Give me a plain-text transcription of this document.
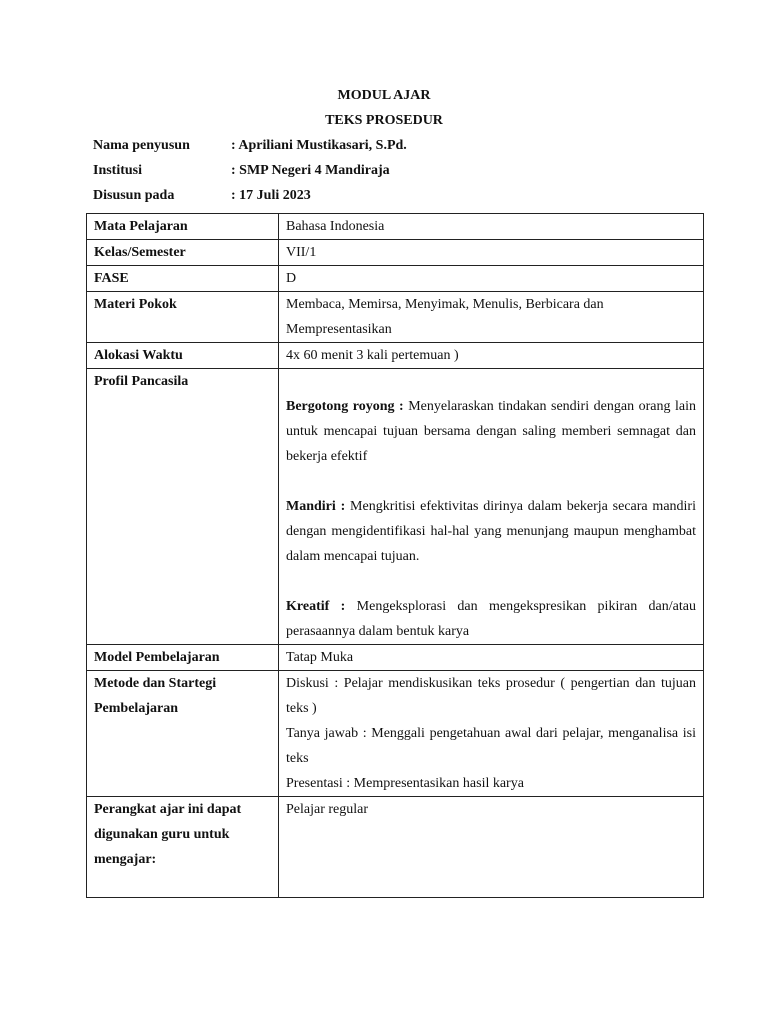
MODUL AJAR
TEKS PROSEDUR
Nama penyusun	: Apriliani Mustikasari, S.Pd.
Institusi	: SMP Negeri 4 Mandiraja
Disusun pada	: 17 Juli 2023
Mata Pelajaran	Bahasa Indonesia
Kelas/Semester	VII/1
FASE	D
Materi Pokok	Membaca, Memirsa, Menyimak, Menulis, Berbicara dan Mempresentasikan
Alokasi Waktu	4x 60 menit 3 kali pertemuan )
Profil Pancasila	Bergotong royong : Menyelaraskan tindakan sendiri dengan orang lain untuk mencapai tujuan bersama dengan saling memberi semnagat dan bekerja efektif
Mandiri : Mengkritisi efektivitas dirinya dalam bekerja secara mandiri dengan mengidentifikasi hal-hal yang menunjang maupun menghambat dalam mencapai tujuan.
Kreatif : Mengeksplorasi dan mengekspresikan pikiran dan/atau perasaannya dalam bentuk karya

Model Pembelajaran	Tatap Muka
Metode dan Startegi Pembelajaran	Diskusi : Pelajar mendiskusikan teks prosedur ( pengertian dan tujuan teks )
Tanya jawab : Menggali pengetahuan awal dari pelajar, menganalisa isi teks
Presentasi : Mempresentasikan hasil karya

Perangkat ajar ini dapat digunakan guru untuk mengajar:	Pelajar regular
